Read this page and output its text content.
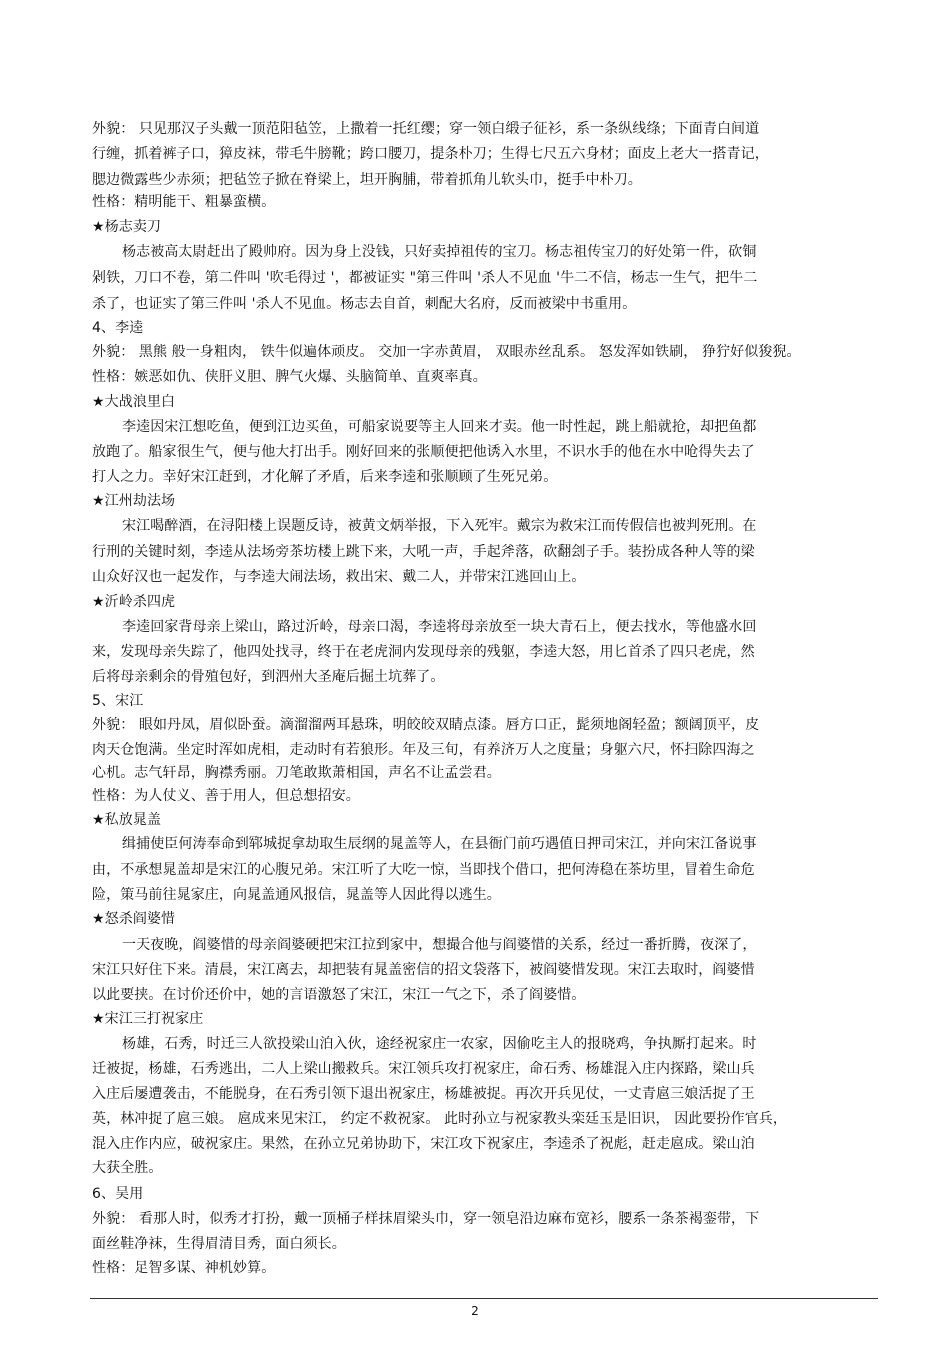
外貌： 只见那汉子头戴一顶范阳毡笠，上撒着一托红缨；穿一领白缎子征衫，系一条纵线绦；下面青白间道
行缠，抓着裤子口，獐皮袜，带毛牛膀靴；跨口腰刀，提条朴刀；生得七尺五六身材；面皮上老大一搭青记，
腮边微露些少赤须；把毡笠子掀在脊梁上，坦开胸脯，带着抓角儿软头巾，挺手中朴刀。
性格：精明能干、粗暴蛮横。
★杨志卖刀
杨志被高太尉赶出了殿帅府。因为身上没钱，只好卖掉祖传的宝刀。杨志祖传宝刀的好处第一件，砍铜
剁铁，刀口不卷，第二件叫 '吹毛得过 '，都被证实 "第三件叫 '杀人不见血 '牛二不信，杨志一生气，把牛二
杀了，也证实了第三件叫 '杀人不见血。杨志去自首，刺配大名府，反而被梁中书重用。
4、李逵
外貌： 黑熊 般一身粗肉， 铁牛似遍体顽皮。 交加一字赤黄眉， 双眼赤丝乱系。 怒发浑如铁刷， 狰狞好似狻猊。
性格：嫉恶如仇、侠肝义胆、脾气火爆、头脑简单、直爽率真。
★大战浪里白
李逵因宋江想吃鱼，便到江边买鱼，可船家说要等主人回来才卖。他一时性起，跳上船就抢，却把鱼都
放跑了。船家很生气，便与他大打出手。刚好回来的张顺便把他诱入水里，不识水手的他在水中呛得失去了
打人之力。幸好宋江赶到，才化解了矛盾，后来李逵和张顺顾了生死兄弟。
★江州劫法场
宋江喝醉酒，在浔阳楼上误题反诗，被黄文炳举报，下入死牢。戴宗为救宋江而传假信也被判死刑。在
行刑的关键时刻，李逵从法场旁茶坊楼上跳下来，大吼一声，手起斧落，砍翻刽子手。装扮成各种人等的梁
山众好汉也一起发作，与李逵大闹法场，救出宋、戴二人，并带宋江逃回山上。
★沂岭杀四虎
李逵回家背母亲上梁山，路过沂岭，母亲口渴，李逵将母亲放至一块大青石上，便去找水，等他盛水回
来，发现母亲失踪了，他四处找寻，终于在老虎洞内发现母亲的残躯，李逵大怒，用匕首杀了四只老虎，然
后将母亲剩余的骨殖包好，到泗州大圣庵后掘土坑葬了。
5、宋江
外貌： 眼如丹凤，眉似卧蚕。滴溜溜两耳悬珠，明皎皎双睛点漆。唇方口正，髭须地阁轻盈；额阔顶平，皮
肉天仓饱满。坐定时浑如虎相，走动时有若狼形。年及三旬，有养济万人之度量；身躯六尺，怀扫除四海之
心机。志气轩昂，胸襟秀丽。刀笔敢欺萧相国，声名不让孟尝君。
性格：为人仗义、善于用人，但总想招安。
★私放晁盖
缉捕使臣何涛奉命到郓城捉拿劫取生辰纲的晁盖等人，在县衙门前巧遇值日押司宋江，并向宋江备说事
由，不承想晁盖却是宋江的心腹兄弟。宋江听了大吃一惊，当即找个借口，把何涛稳在茶坊里，冒着生命危
险，策马前往晁家庄，向晁盖通风报信，晁盖等人因此得以逃生。
★怒杀阎婆惜
一天夜晚，阎婆惜的母亲阎婆硬把宋江拉到家中，想撮合他与阎婆惜的关系，经过一番折腾，夜深了，
宋江只好住下来。清晨，宋江离去，却把装有晁盖密信的招文袋落下，被阎婆惜发现。宋江去取时，阎婆惜
以此要挟。在讨价还价中，她的言语激怒了宋江，宋江一气之下，杀了阎婆惜。
★宋江三打祝家庄
杨雄，石秀，时迁三人欲投梁山泊入伙，途经祝家庄一农家，因偷吃主人的报晓鸡，争执厮打起来。时
迁被捉，杨雄，石秀逃出，二人上梁山搬救兵。宋江领兵攻打祝家庄，命石秀、杨雄混入庄内探路，梁山兵
入庄后屡遭袭击，不能脱身，在石秀引领下退出祝家庄，杨雄被捉。再次开兵见仗，一丈青扈三娘活捉了王
英，林冲捉了扈三娘。 扈成来见宋江， 约定不救祝家。 此时孙立与祝家教头栾廷玉是旧识， 因此要扮作官兵，
混入庄作内应，破祝家庄。果然，在孙立兄弟协助下，宋江攻下祝家庄，李逵杀了祝彪，赶走扈成。梁山泊
大获全胜。
6、吴用
外貌： 看那人时，似秀才打扮，戴一顶桶子样抹眉梁头巾，穿一领皂沿边麻布宽衫，腰系一条茶褐銮带，下
面丝鞋净袜，生得眉清目秀，面白须长。
性格：足智多谋、神机妙算。
2
